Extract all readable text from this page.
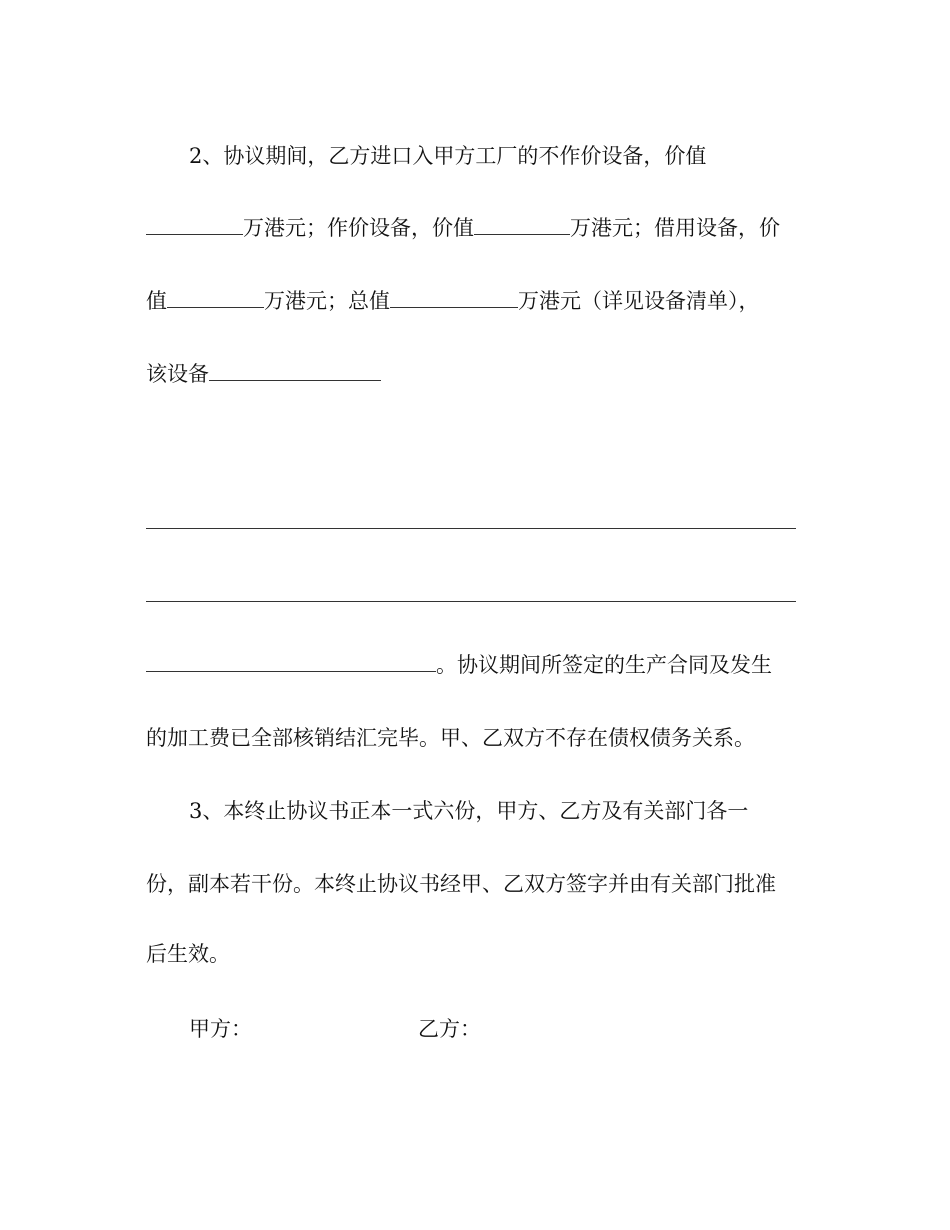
2、协议期间，乙方进口入甲方工厂的不作价设备，价值
万港元；作价设备，价值	万港元；借用设备，价
值	万港元；总值	万港元（详见设备清单），
该设备
。协议期间所签定的生产合同及发生
的加工费已全部核销结汇完毕。甲、乙双方不存在债权债务关系。
3、本终止协议书正本一式六份，甲方、乙方及有关部门各一
份，副本若干份。本终止协议书经甲、乙双方签字并由有关部门批准
后生效。
甲方：	乙方：
